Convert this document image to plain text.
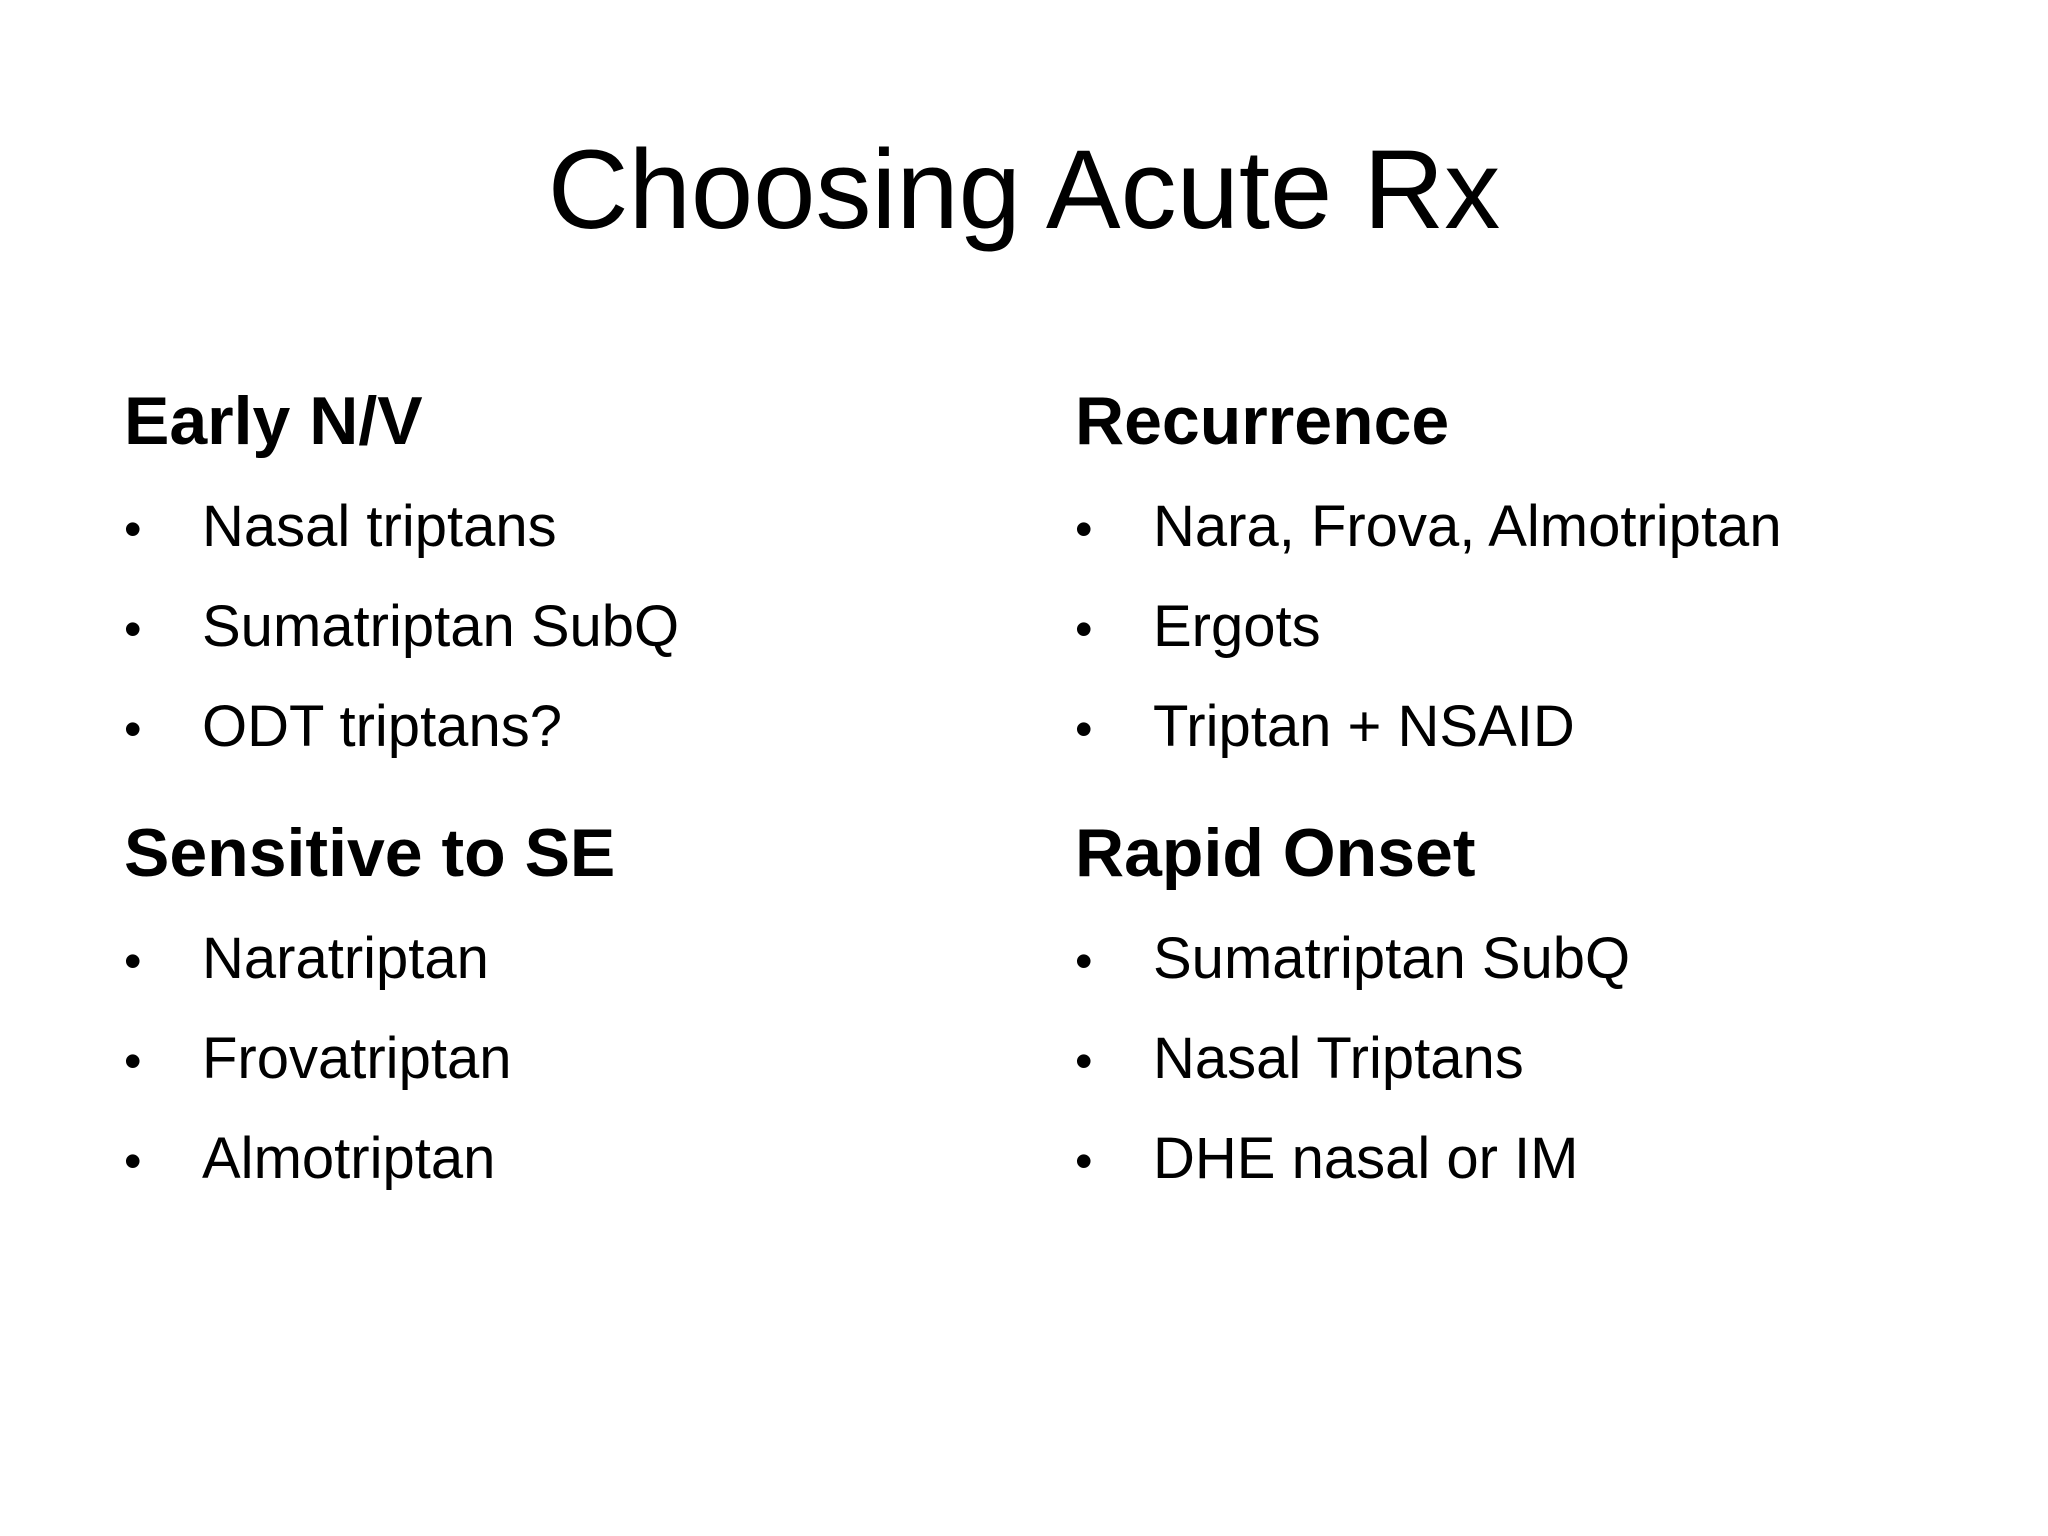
Choosing Acute Rx
Early N/V
•	Nasal triptans
•	Sumatriptan SubQ
•	ODT triptans?
Recurrence
•	Nara, Frova, Almotriptan
•	Ergots
•	Triptan + NSAID
Sensitive to SE
•	Naratriptan
•	Frovatriptan
•	Almotriptan
Rapid Onset
•	Sumatriptan SubQ
•	Nasal Triptans
•	DHE nasal or IM
